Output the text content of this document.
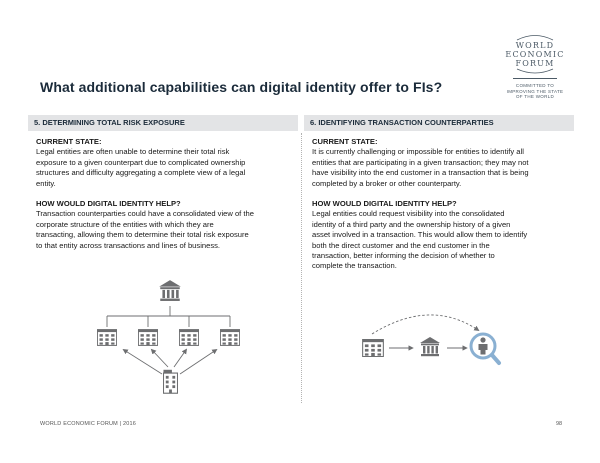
WORLD
ECONOMIC
FORUM
COMMITTED TO
IMPROVING THE STATE
OF THE WORLD
What additional capabilities can digital identity offer to FIs?
5. DETERMINING TOTAL RISK EXPOSURE	6. IDENTIFYING TRANSACTION COUNTERPARTIES

CURRENT STATE:

Legal entities are often unable to determine their total risk

exposure to a given counterpart due to complicated ownership

structures and difficulty aggregating a complete view of a legal

entity.

HOW WOULD DIGITAL IDENTITY HELP?

Transaction counterparties could have a consolidated view of the

corporate structure of the entities with which they are

transacting, allowing them to determine their total risk exposure

to that entity across transactions and lines of business.

CURRENT STATE:

It is currently challenging or impossible for entities to identify all

entities that are participating in a given transaction; they may not

have visibility into the end customer in a transaction that is being

completed by a broker or other counterparty.

HOW WOULD DIGITAL IDENTITY HELP?

Legal entities could request visibility into the consolidated

identity of a third party and the ownership history of a given

asset involved in a transaction. This would allow them to identify

both the direct customer and the end customer in the

transaction, better informing the decision of whether to

complete the transaction.

WORLD ECONOMIC FORUM | 2016	98
